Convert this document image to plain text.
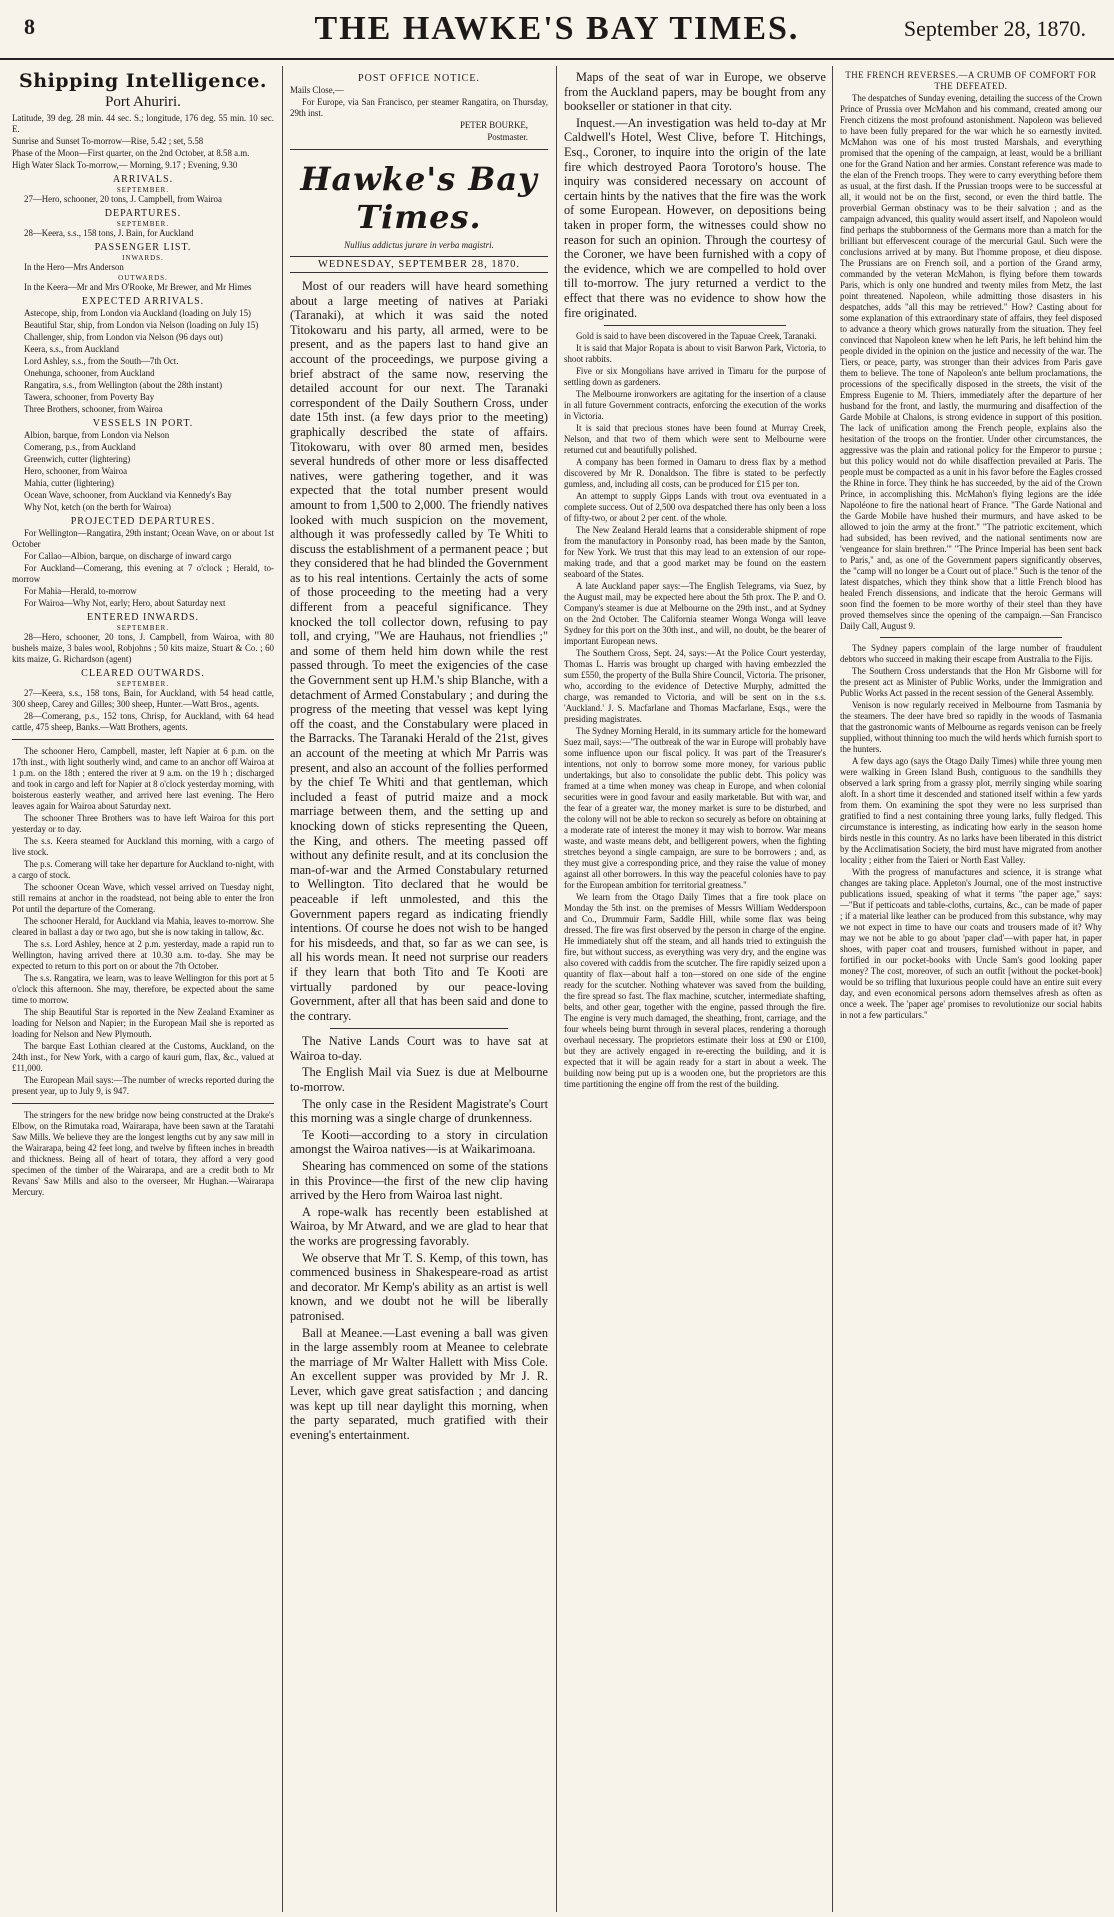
8	THE HAWKE'S BAY TIMES.	September 28, 1870.
Shipping Intelligence.
Port Ahuriri.

Latitude, 39 deg. 28 min. 44 sec. S.; longitude, 176 deg. 55 min. 10 sec. E.

Sunrise and Sunset To-morrow—Rise, 5.42 ; set, 5.58

Phase of the Moon—First quarter, on the 2nd October, at 8.58 a.m.

High Water Slack To-morrow,— Morning, 9.17 ; Evening, 9.30

ARRIVALS.
SEPTEMBER.

27—Hero, schooner, 20 tons, J. Campbell, from Wairoa

DEPARTURES.
SEPTEMBER.

28—Keera, s.s., 158 tons, J. Bain, for Auckland

PASSENGER LIST.
INWARDS.

In the Hero—Mrs Anderson

OUTWARDS.

In the Keera—Mr and Mrs O'Rooke, Mr Brewer, and Mr Himes

EXPECTED ARRIVALS.

Astecope, ship, from London via Auckland (loading on July 15)

Beautiful Star, ship, from London via Nelson (loading on July 15)

Challenger, ship, from London via Nelson (96 days out)

Keera, s.s., from Auckland

Lord Ashley, s.s., from the South—7th Oct.

Onehunga, schooner, from Auckland

Rangatira, s.s., from Wellington (about the 28th instant)

Tawera, schooner, from Poverty Bay

Three Brothers, schooner, from Wairoa

VESSELS IN PORT.

Albion, barque, from London via Nelson

Comerang, p.s., from Auckland

Greenwich, cutter (lightering)

Hero, schooner, from Wairoa

Mahia, cutter (lightering)

Ocean Wave, schooner, from Auckland via Kennedy's Bay

Why Not, ketch (on the berth for Wairoa)

PROJECTED DEPARTURES.

For Wellington—Rangatira, 29th instant; Ocean Wave, on or about 1st October

For Callao—Albion, barque, on discharge of inward cargo

For Auckland—Comerang, this evening at 7 o'clock ; Herald, to-morrow

For Mahia—Herald, to-morrow

For Wairoa—Why Not, early; Hero, about Saturday next

ENTERED INWARDS.
SEPTEMBER.

28—Hero, schooner, 20 tons, J. Campbell, from Wairoa, with 80 bushels maize, 3 bales wool, Robjohns ; 50 kits maize, Stuart & Co. ; 60 kits maize, G. Richardson (agent)

CLEARED OUTWARDS.
SEPTEMBER.

27—Keera, s.s., 158 tons, Bain, for Auckland, with 54 head cattle, 300 sheep, Carey and Gilles; 300 sheep, Hunter.—Watt Bros., agents.

28—Comerang, p.s., 152 tons, Chrisp, for Auckland, with 64 head cattle, 475 sheep, Banks.—Watt Brothers, agents.

The schooner Hero, Campbell, master, left Napier at 6 p.m. on the 17th inst., with light southerly wind, and came to an anchor off Wairoa at 1 p.m. on the 18th ; entered the river at 9 a.m. on the 19 h ; discharged and took in cargo and left for Napier at 8 o'clock yesterday morning, with boisterous easterly weather, and arrived here last evening. The Hero leaves again for Wairoa about Saturday next.

The schooner Three Brothers was to have left Wairoa for this port yesterday or to day.

The s.s. Keera steamed for Auckland this morning, with a cargo of live stock.

The p.s. Comerang will take her departure for Auckland to-night, with a cargo of stock.

The schooner Ocean Wave, which vessel arrived on Tuesday night, still remains at anchor in the roadstead, not being able to enter the Iron Pot until the departure of the Comerang.

The schooner Herald, for Auckland via Mahia, leaves to-morrow. She cleared in ballast a day or two ago, but she is now taking in tallow, &c.

The s.s. Lord Ashley, hence at 2 p.m. yesterday, made a rapid run to Wellington, having arrived there at 10.30 a.m. to-day. She may be expected to return to this port on or about the 7th October.

The s.s. Rangatira, we learn, was to leave Wellington for this port at 5 o'clock this afternoon. She may, therefore, be expected about the same time to morrow.

The ship Beautiful Star is reported in the New Zealand Examiner as loading for Nelson and Napier; in the European Mail she is reported as loading for Nelson and New Plymouth.

The barque East Lothian cleared at the Customs, Auckland, on the 24th inst., for New York, with a cargo of kauri gum, flax, &c., valued at £11,000.

The European Mail says:—The number of wrecks reported during the present year, up to July 9, is 947.

The stringers for the new bridge now being constructed at the Drake's Elbow, on the Rimutaka road, Wairarapa, have been sawn at the Taratahi Saw Mills. We believe they are the longest lengths cut by any saw mill in the Wairarapa, being 42 feet long, and twelve by fifteen inches in breadth and thickness. Being all of heart of totara, they afford a very good specimen of the timber of the Wairarapa, and are a credit both to Mr Revans' Saw Mills and also to the overseer, Mr Hughan.—Wairarapa Mercury.

POST OFFICE NOTICE.

Mails Close,—

For Europe, via San Francisco, per steamer Rangatira, on Thursday, 29th inst.

PETER BOURKE,

Postmaster.

Hawke's Bay Times.
Nullius addictus jurare in verba magistri.
WEDNESDAY, SEPTEMBER 28, 1870.

Most of our readers will have heard something about a large meeting of natives at Pariaki (Taranaki), at which it was said the noted Titokowaru and his party, all armed, were to be present, and as the papers last to hand give an account of the proceedings, we purpose giving a brief abstract of the same now, reserving the detailed account for our next. The Taranaki correspondent of the Daily Southern Cross, under date 15th inst. (a few days prior to the meeting) graphically described the state of affairs. Titokowaru, with over 80 armed men, besides several hundreds of other more or less disaffected natives, were gathering together, and it was expected that the total number present would amount to from 1,500 to 2,000. The friendly natives looked with much suspicion on the movement, although it was professedly called by Te Whiti to discuss the establishment of a permanent peace ; but they considered that he had blinded the Government as to his real intentions. Certainly the acts of some of those proceeding to the meeting had a very different from a peaceful significance. They knocked the toll collector down, refusing to pay toll, and crying, "We are Hauhaus, not friendlies ;" and some of them held him down while the rest passed through. To meet the exigencies of the case the Government sent up H.M.'s ship Blanche, with a detachment of Armed Constabulary ; and during the progress of the meeting that vessel was kept lying off the coast, and the Constabulary were placed in the Barracks. The Taranaki Herald of the 21st, gives an account of the meeting at which Mr Parris was present, and also an account of the follies performed by the chief Te Whiti and that gentleman, which included a feast of putrid maize and a mock marriage between them, and the setting up and knocking down of sticks representing the Queen, the King, and others. The meeting passed off without any definite result, and at its conclusion the man-of-war and the Armed Constabulary returned to Wellington. Tito declared that he would be peaceable if left unmolested, and this the Government papers regard as indicating friendly intentions. Of course he does not wish to be hanged for his misdeeds, and that, so far as we can see, is all his words mean. It need not surprise our readers if they learn that both Tito and Te Kooti are virtually pardoned by our peace-loving Government, after all that has been said and done to the contrary.

The Native Lands Court was to have sat at Wairoa to-day.

The English Mail via Suez is due at Melbourne to-morrow.

The only case in the Resident Magistrate's Court this morning was a single charge of drunkenness.

Te Kooti—according to a story in circulation amongst the Wairoa natives—is at Waikarimoana.

Shearing has commenced on some of the stations in this Province—the first of the new clip having arrived by the Hero from Wairoa last night.

A rope-walk has recently been established at Wairoa, by Mr Atward, and we are glad to hear that the works are progressing favorably.

We observe that Mr T. S. Kemp, of this town, has commenced business in Shakespeare-road as artist and decorator. Mr Kemp's ability as an artist is well known, and we doubt not he will be liberally patronised.

Ball at Meanee.—Last evening a ball was given in the large assembly room at Meanee to celebrate the marriage of Mr Walter Hallett with Miss Cole. An excellent supper was provided by Mr J. R. Lever, which gave great satisfaction ; and dancing was kept up till near daylight this morning, when the party separated, much gratified with their evening's entertainment.

Maps of the seat of war in Europe, we observe from the Auckland papers, may be bought from any bookseller or stationer in that city.

Inquest.—An investigation was held to-day at Mr Caldwell's Hotel, West Clive, before T. Hitchings, Esq., Coroner, to inquire into the origin of the late fire which destroyed Paora Torotoro's house. The inquiry was considered necessary on account of certain hints by the natives that the fire was the work of some European. However, on depositions being taken in proper form, the witnesses could show no reason for such an opinion. Through the courtesy of the Coroner, we have been furnished with a copy of the evidence, which we are compelled to hold over till to-morrow. The jury returned a verdict to the effect that there was no evidence to show how the fire originated.

Gold is said to have been discovered in the Tapuae Creek, Taranaki.

It is said that Major Ropata is about to visit Barwon Park, Victoria, to shoot rabbits.

Five or six Mongolians have arrived in Timaru for the purpose of settling down as gardeners.

The Melbourne ironworkers are agitating for the insertion of a clause in all future Government contracts, enforcing the execution of the works in Victoria.

It is said that precious stones have been found at Murray Creek, Nelson, and that two of them which were sent to Melbourne were returned cut and beautifully polished.

A company has been formed in Oamaru to dress flax by a method discovered by Mr R. Donaldson. The fibre is stated to be perfectly gumless, and, including all costs, can be produced for £15 per ton.

An attempt to supply Gipps Lands with trout ova eventuated in a complete success. Out of 2,500 ova despatched there has only been a loss of fifty-two, or about 2 per cent. of the whole.

The New Zealand Herald learns that a considerable shipment of rope from the manufactory in Ponsonby road, has been made by the Santon, for New York. We trust that this may lead to an extension of our rope-making trade, and that a good market may be found on the eastern seaboard of the States.

A late Auckland paper says:—The English Telegrams, via Suez, by the August mail, may be expected here about the 5th prox. The P. and O. Company's steamer is due at Melbourne on the 29th inst., and at Sydney on the 2nd October. The California steamer Wonga Wonga will leave Sydney for this port on the 30th inst., and will, no doubt, be the bearer of important European news.

The Southern Cross, Sept. 24, says:—At the Police Court yesterday, Thomas L. Harris was brought up charged with having embezzled the sum £550, the property of the Bulla Shire Council, Victoria. The prisoner, who, according to the evidence of Detective Murphy, admitted the charge, was remanded to Victoria, and will be sent on in the s.s. 'Auckland.' J. S. Macfarlane and Thomas Macfarlane, Esqs., were the presiding magistrates.

The Sydney Morning Herald, in its summary article for the homeward Suez mail, says:—"The outbreak of the war in Europe will probably have some influence upon our fiscal policy. It was part of the Treasurer's intentions, not only to borrow some more money, for various public undertakings, but also to consolidate the public debt. This policy was framed at a time when money was cheap in Europe, and when colonial securities were in good favour and easily marketable. But with war, and the fear of a greater war, the money market is sure to be disturbed, and the colony will not be able to reckon so securely as before on obtaining at a moderate rate of interest the money it may wish to borrow. War means waste, and waste means debt, and belligerent powers, when the fighting stretches beyond a single campaign, are sure to be borrowers ; and, as they must give a corresponding price, and they raise the value of money against all other borrowers. In this way the peaceful colonies have to pay for the European ambition for territorial greatness."

We learn from the Otago Daily Times that a fire took place on Monday the 5th inst. on the premises of Messrs William Wedderspoon and Co., Drummuir Farm, Saddle Hill, while some flax was being dressed. The fire was first observed by the person in charge of the engine. He immediately shut off the steam, and all hands tried to extinguish the fire, but without success, as everything was very dry, and the engine was also covered with caddis from the scutcher. The fire rapidly seized upon a quantity of flax—about half a ton—stored on one side of the engine ready for the scutcher. Nothing whatever was saved from the building, the fire spread so fast. The flax machine, scutcher, intermediate shafting, belts, and other gear, together with the engine, passed through the fire. The engine is very much damaged, the sheathing, front, carriage, and the four wheels being burnt through in several places, rendering a thorough overhaul necessary. The proprietors estimate their loss at £90 or £100, but they are actively engaged in re-erecting the building, and it is expected that it will be again ready for a start in about a week. The building now being put up is a wooden one, but the proprietors are this time partitioning the engine off from the rest of the building.

THE FRENCH REVERSES.—A CRUMB OF COMFORT FOR THE DEFEATED.

The despatches of Sunday evening, detailing the success of the Crown Prince of Prussia over McMahon and his command, created among our French citizens the most profound astonishment. Napoleon was believed to have been fully prepared for the war which he so earnestly invited. McMahon was one of his most trusted Marshals, and everything promised that the opening of the campaign, at least, would be a brilliant one for the Grand Nation and her armies. Constant reference was made to the elan of the French troops. They were to carry everything before them as usual, at the first dash. If the Prussian troops were to be successful at all, it would not be on the first, second, or even the third battle. The proverbial German obstinacy was to be their salvation ; and as the campaign advanced, this quality would assert itself, and Napoleon would find perhaps the stubbornness of the Germans more than a match for the brilliant but effervescent courage of the mercurial Gaul. Such were the conclusions arrived at by many. But l'homme propose, et dieu dispose. The Prussians are on French soil, and a portion of the Grand army, commanded by the veteran McMahon, is flying before them towards Paris, which is only one hundred and twenty miles from Metz, the last point threatened. Napoleon, while admitting those disasters in his despatches, adds "all this may be retrieved." How? Casting about for some explanation of this extraordinary state of affairs, they feel disposed to advance a theory which grows naturally from the situation. They feel convinced that Napoleon knew when he left Paris, he left behind him the people divided in the opinion on the justice and necessity of the war. The Tiers, or peace, party, was stronger than their advices from Paris gave them to believe. The tone of Napoleon's ante bellum proclamations, the processions of the specifically disposed in the streets, the visit of the Empress Eugenie to M. Thiers, immediately after the departure of her husband for the front, and lastly, the murmuring and disaffection of the Garde Mobile at Chalons, is strong evidence in support of this position. The lack of unification among the French people, explains also the hesitation of the troops on the frontier. Under other circumstances, the aggressive was the plain and rational policy for the Emperor to pursue ; but this policy would not do while disaffection prevailed at Paris. The people must be compacted as a unit in his favor before the Eagles crossed the Rhine in force. They think he has succeeded, by the aid of the Crown Prince, in accomplishing this. McMahon's flying legions are the idée Napoléone to fire the national heart of France. "The Garde National and the Garde Mobile have hushed their murmurs, and have asked to be allowed to join the army at the front." "The patriotic excitement, which had subsided, has been revived, and the national sentiments now are 'vengeance for slain brethren.'" "The Prince Imperial has been sent back to Paris," and, as one of the Government papers significantly observes, the "camp will no longer be a Court out of place." Such is the tenor of the latest dispatches, which they think show that a little French blood has healed French dissensions, and indicate that the heroic Germans will soon find the foemen to be more worthy of their steel than they have proved themselves since the opening of the campaign.—San Francisco Daily Call, August 9.

The Sydney papers complain of the large number of fraudulent debtors who succeed in making their escape from Australia to the Fijis.

The Southern Cross understands that the Hon Mr Gisborne will for the present act as Minister of Public Works, under the Immigration and Public Works Act passed in the recent session of the General Assembly.

Venison is now regularly received in Melbourne from Tasmania by the steamers. The deer have bred so rapidly in the woods of Tasmania that the gastronomic wants of Melbourne as regards venison can be freely supplied, without thinning too much the wild herds which furnish sport to the hunters.

A few days ago (says the Otago Daily Times) while three young men were walking in Green Island Bush, contiguous to the sandhills they observed a lark spring from a grassy plot, merrily singing while soaring aloft. In a short time it descended and stationed itself within a few yards from them. On examining the spot they were no less surprised than gratified to find a nest containing three young larks, fully fledged. This circumstance is interesting, as indicating how early in the season home birds nestle in this country. As no larks have been liberated in this district by the Acclimatisation Society, the bird must have migrated from another locality ; either from the Taieri or North East Valley.

With the progress of manufactures and science, it is strange what changes are taking place. Appleton's Journal, one of the most instructive publications issued, speaking of what it terms "the paper age," says:—"But if petticoats and table-cloths, curtains, &c., can be made of paper ; if a material like leather can be produced from this substance, why may we not expect in time to have our coats and trousers made of it? Why may we not be able to go about 'paper clad'—with paper hat, in paper shoes, with paper coat and trousers, furnished without in paper, and fortified in our pocket-books with Uncle Sam's good looking paper money? The cost, moreover, of such an outfit [without the pocket-book] would be so trifling that luxurious people could have an entire suit every day, and even economical persons adorn themselves afresh as often as once a week. The 'paper age' promises to revolutionize our social habits in not a few particulars."
